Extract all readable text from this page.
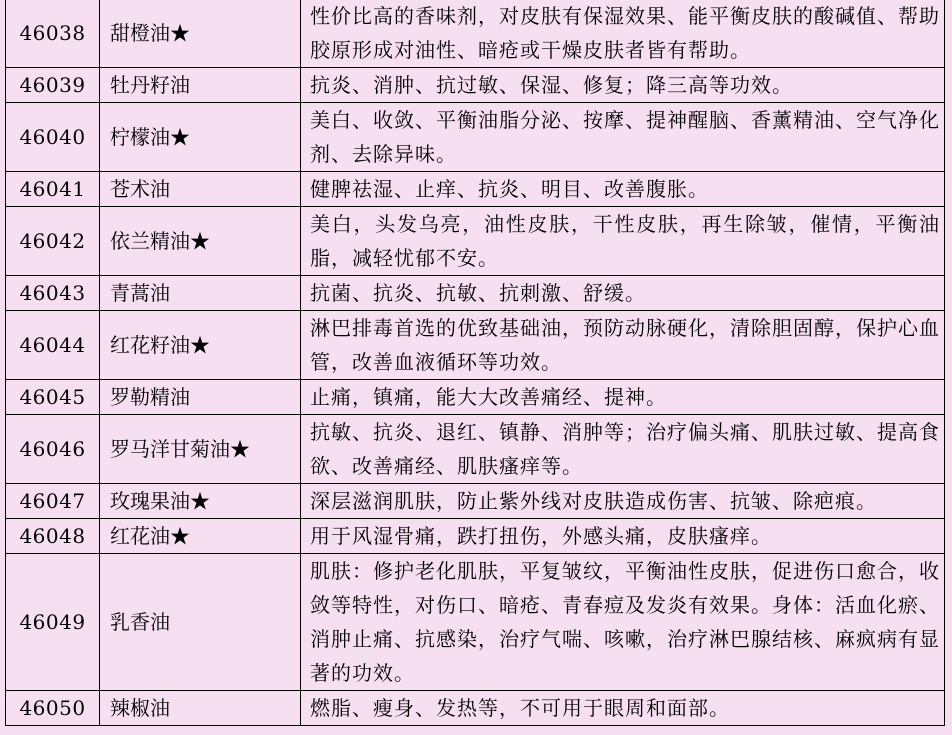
46038	甜橙油★	性价比高的香味剂，对皮肤有保湿效果、能平衡皮肤的酸碱值、帮助胶原形成对油性、暗疮或干燥皮肤者皆有帮助。
46039	牡丹籽油	抗炎、消肿、抗过敏、保湿、修复；降三高等功效。
46040	柠檬油★	美白、收敛、平衡油脂分泌、按摩、提神醒脑、香薰精油、空气净化剂、去除异味。
46041	苍术油	健脾祛湿、止痒、抗炎、明目、改善腹胀。
46042	依兰精油★	美白，头发乌亮，油性皮肤，干性皮肤，再生除皱，催情，平衡油脂，减轻忧郁不安。
46043	青蒿油	抗菌、抗炎、抗敏、抗刺激、舒缓。
46044	红花籽油★	淋巴排毒首选的优致基础油，预防动脉硬化，清除胆固醇，保护心血管，改善血液循环等功效。
46045	罗勒精油	止痛，镇痛，能大大改善痛经、提神。
46046	罗马洋甘菊油★	抗敏、抗炎、退红、镇静、消肿等；治疗偏头痛、肌肤过敏、提高食欲、改善痛经、肌肤瘙痒等。
46047	玫瑰果油★	深层滋润肌肤，防止紫外线对皮肤造成伤害、抗皱、除疤痕。
46048	红花油★	用于风湿骨痛，跌打扭伤，外感头痛，皮肤瘙痒。
46049	乳香油	肌肤：修护老化肌肤，平复皱纹，平衡油性皮肤，促进伤口愈合，收敛等特性，对伤口、暗疮、青春痘及发炎有效果。身体：活血化瘀、消肿止痛、抗感染，治疗气喘、咳嗽，治疗淋巴腺结核、麻疯病有显著的功效。
46050	辣椒油	燃脂、瘦身、发热等，不可用于眼周和面部。
